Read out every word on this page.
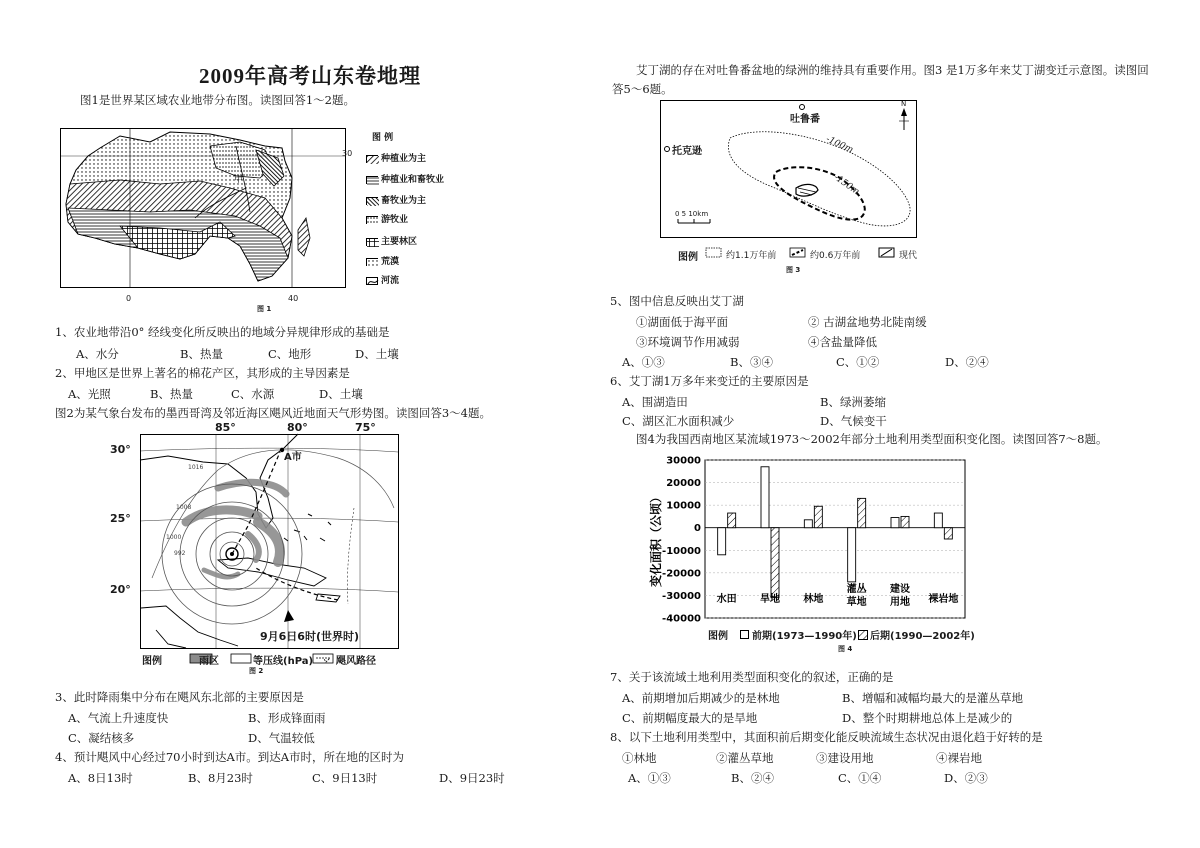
2009年高考山东卷地理
图1是世界某区域农业地带分布图。读图回答1～2题。
甲
30
0	40
图 例
种植业为主
种植业和畜牧业
畜牧业为主
游牧业
主要林区
荒漠
河流
图 1
1、农业地带沿0° 经线变化所反映出的地域分异规律形成的基础是
A、水分	B、热量	C、地形	D、土壤
2、甲地区是世界上著名的棉花产区，其形成的主导因素是
A、光照	B、热量	C、水源	D、土壤
图2为某气象台发布的墨西哥湾及邻近海区飓风近地面天气形势图。读图回答3～4题。
85°	80°	75°
30°
25°
20°
A市
1016
1008
1000
992
9月6日6时(世界时)
图例	雨区	等压线(hPa) 飓风路径
图 2
3、此时降雨集中分布在飓风东北部的主要原因是
A、气流上升速度快	B、形成锋面雨
C、凝结核多	D、气温较低
4、预计飓风中心经过70小时到达A市。到达A市时，所在地的区时为
A、8日13时	B、8月23时	C、9日13时	D、9日23时
艾丁湖的存在对吐鲁番盆地的绿洲的维持具有重要作用。图3 是1万多年来艾丁湖变迁示意图。读图回答5～6题。
吐鲁番
托克逊	-100m
-150m
N
0 5 10km
图例	约1.1万年前	约0.6万年前	现代
图 3
5、图中信息反映出艾丁湖
①湖面低于海平面	② 古湖盆地势北陡南缓
③环境调节作用减弱	④含盐量降低
A、①③	B、③④	C、①②	D、②④
6、艾丁湖1万多年来变迁的主要原因是
A、围湖造田	B、绿洲萎缩
C、湖区汇水面积减少	D、气候变干
图4为我国西南地区某流域1973～2002年部分土地利用类型面积变化图。读图回答7～8题。
30000
20000
10000
0
-10000
-20000
-30000
-40000
变化面积（公顷）
水田 旱地 林地
灌丛
草地
建设
用地 裸岩地
图例 前期(1973—1990年) 后期(1990—2002年)
图 4
7、关于该流域土地利用类型面积变化的叙述，正确的是
A、前期增加后期减少的是林地	B、增幅和减幅均最大的是灌丛草地
C、前期幅度最大的是旱地	D、整个时期耕地总体上是减少的
8、以下土地利用类型中，其面积前后期变化能反映流域生态状况由退化趋于好转的是
①林地	②灌丛草地	③建设用地	④裸岩地
A、①③	B、②④	C、①④	D、②③
